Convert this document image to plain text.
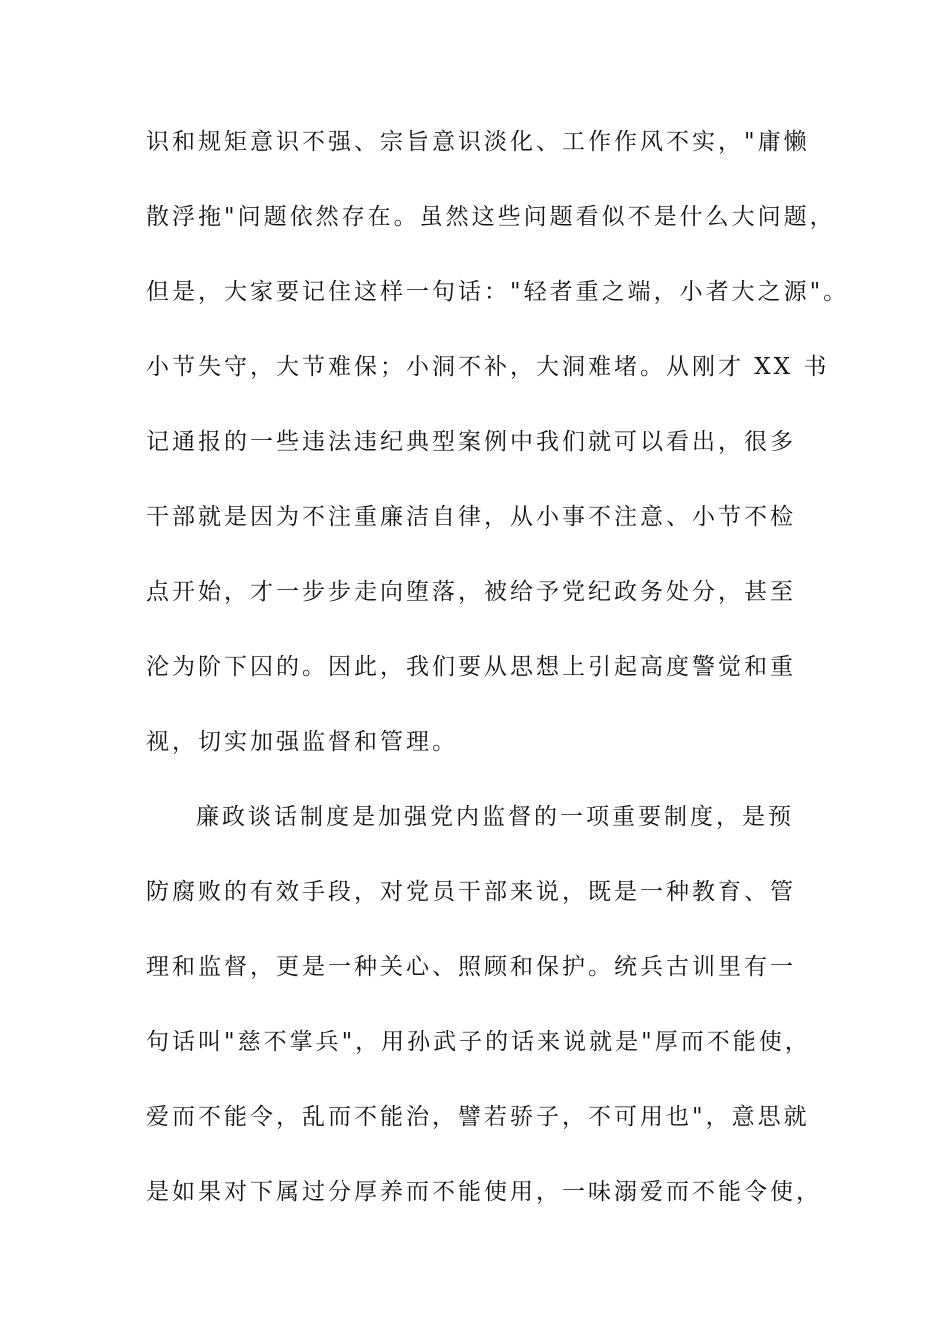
识和规矩意识不强、宗旨意识淡化、工作作风不实，"庸懒

散浮拖"问题依然存在。虽然这些问题看似不是什么大问题，

但是，大家要记住这样一句话："轻者重之端，小者大之源"。

小节失守，大节难保；小洞不补，大洞难堵。从刚才 XX 书

记通报的一些违法违纪典型案例中我们就可以看出，很多

干部就是因为不注重廉洁自律，从小事不注意、小节不检

点开始，才一步步走向堕落，被给予党纪政务处分，甚至

沦为阶下囚的。因此，我们要从思想上引起高度警觉和重

视，切实加强监督和管理。

廉政谈话制度是加强党内监督的一项重要制度，是预

防腐败的有效手段，对党员干部来说，既是一种教育、管

理和监督，更是一种关心、照顾和保护。统兵古训里有一

句话叫"慈不掌兵"，用孙武子的话来说就是"厚而不能使，

爱而不能令，乱而不能治，譬若骄子，不可用也"，意思就

是如果对下属过分厚养而不能使用，一味溺爱而不能令使，
